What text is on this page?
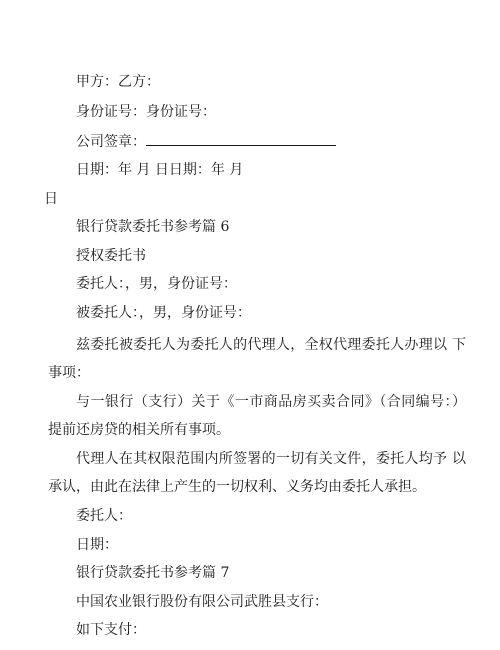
甲方：乙方：
身份证号：身份证号：
公司签章：
日期：年 月 日日期：年 月
日
银行贷款委托书参考篇 6
授权委托书
委托人：，男，身份证号：
被委托人：，男，身份证号：
兹委托被委托人为委托人的代理人，全权代理委托人办理以 下事项：
与一银行（支行）关于《一市商品房买卖合同》（合同编号：）提前还房贷的相关所有事项。
代理人在其权限范围内所签署的一切有关文件，委托人均予 以承认，由此在法律上产生的一切权利、义务均由委托人承担。
委托人：
日期：
银行贷款委托书参考篇 7
中国农业银行股份有限公司武胜县支行：
如下支付：
